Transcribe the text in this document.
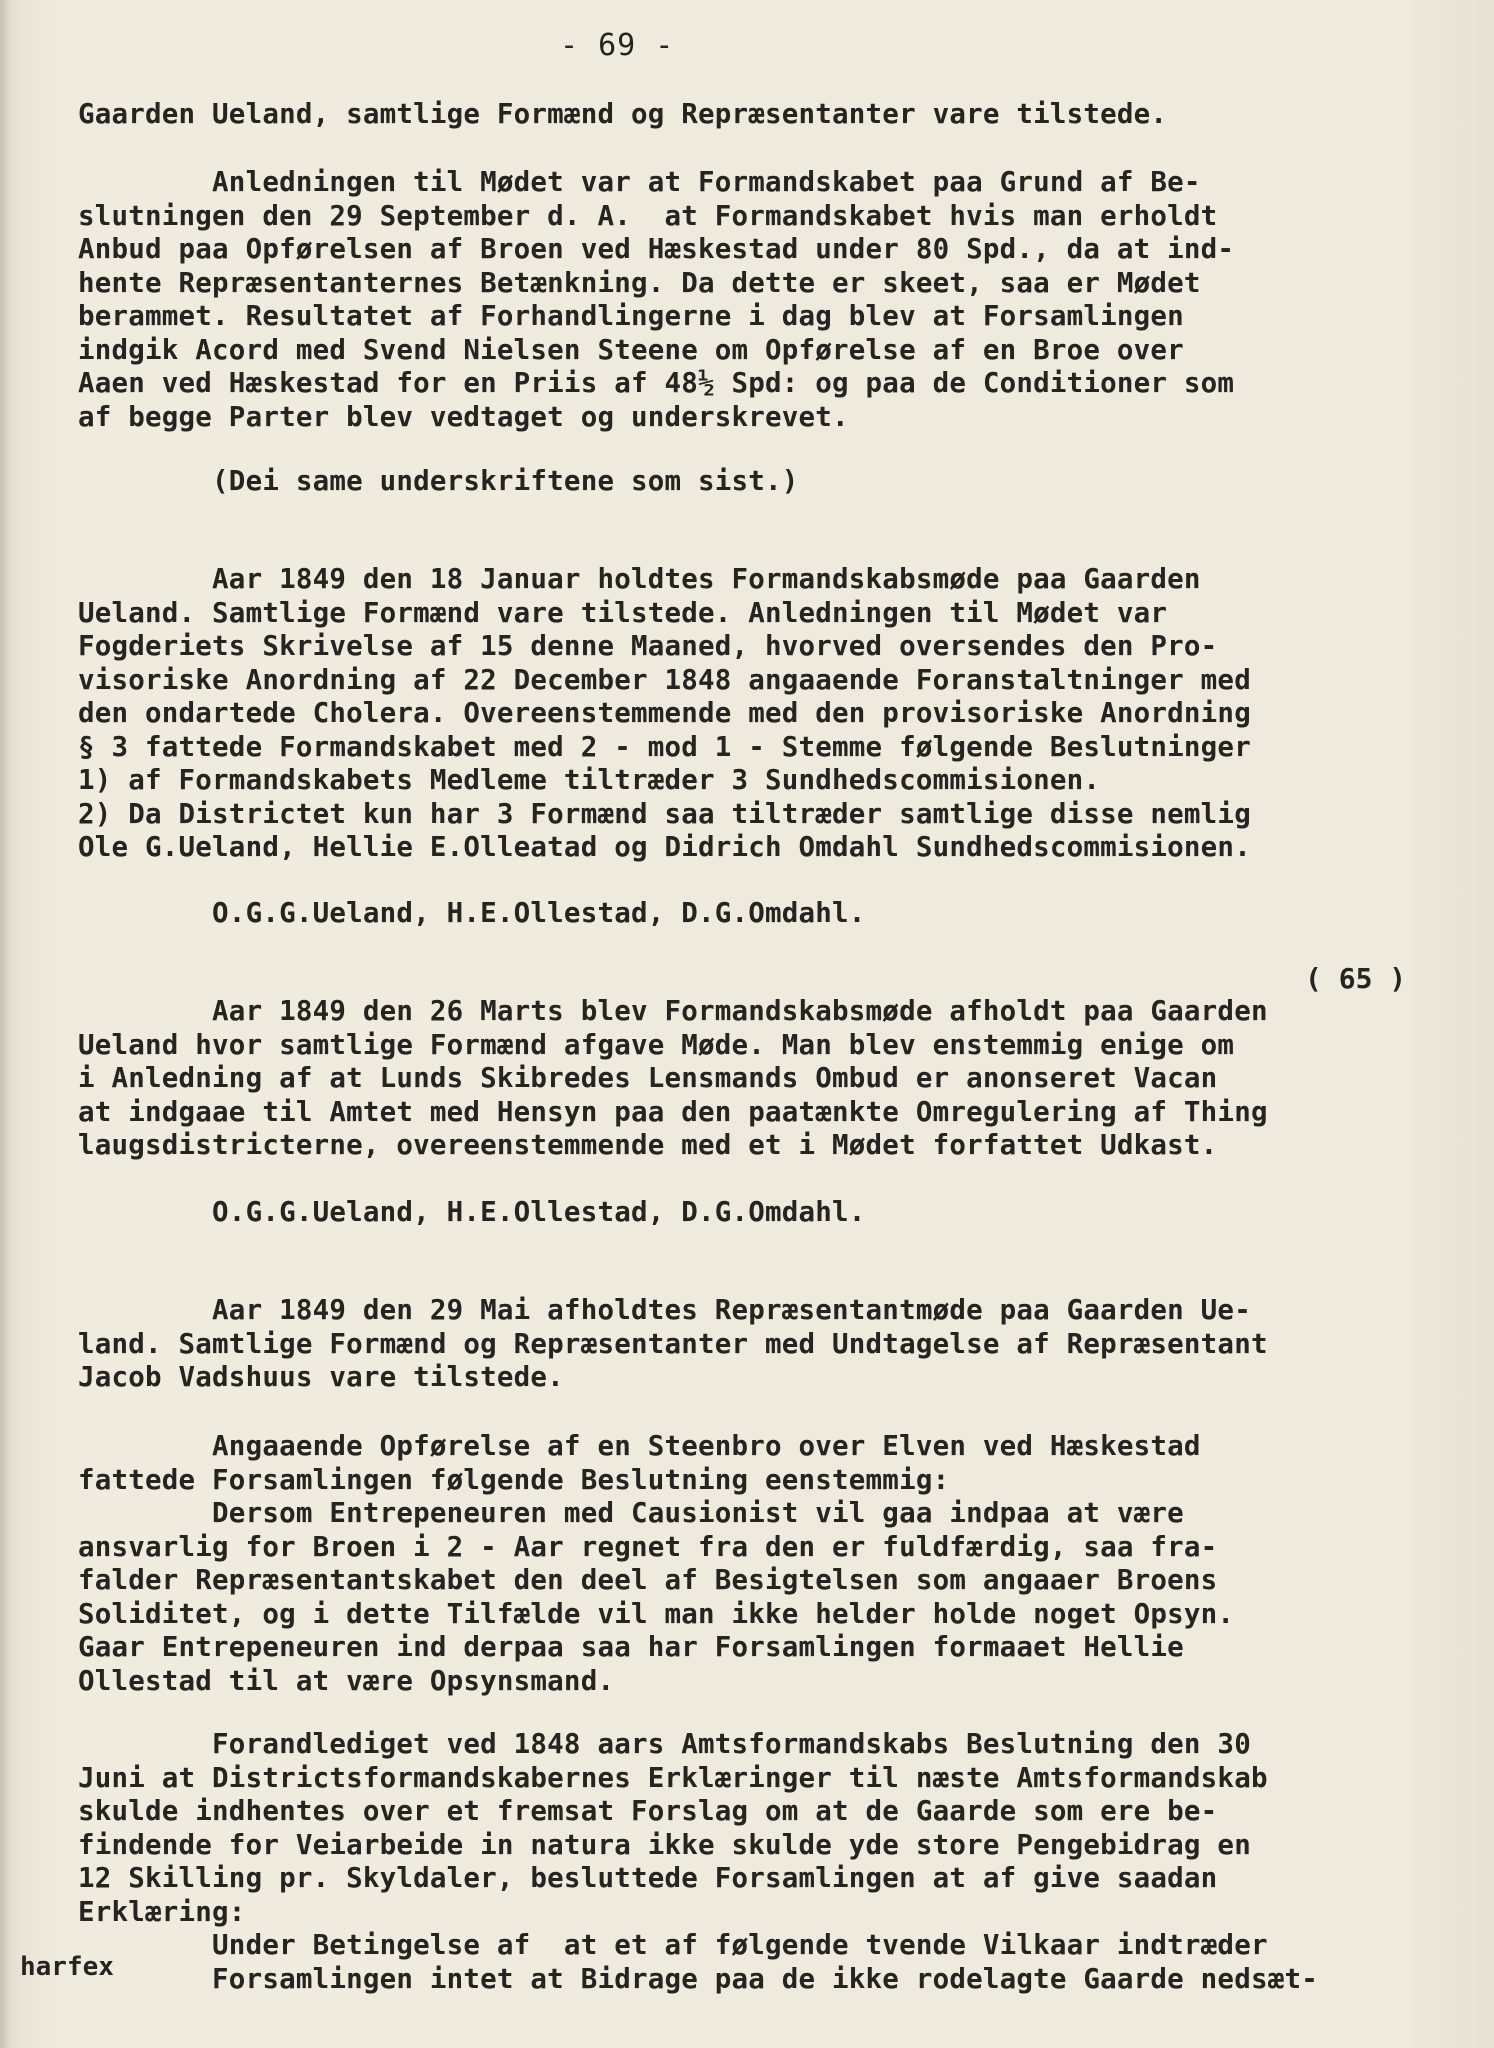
- 69 -
Gaarden Ueland, samtlige Formænd og Repræsentanter vare tilstede.
Anledningen til Mødet var at Formandskabet paa Grund af Be-
slutningen den 29 September d. A.  at Formandskabet hvis man erholdt
Anbud paa Opførelsen af Broen ved Hæskestad under 80 Spd., da at ind-
hente Repræsentanternes Betænkning. Da dette er skeet, saa er Mødet
berammet. Resultatet af Forhandlingerne i dag blev at Forsamlingen
indgik Acord med Svend Nielsen Steene om Opførelse af en Broe over
Aaen ved Hæskestad for en Priis af 48½ Spd: og paa de Conditioner som
af begge Parter blev vedtaget og underskrevet.
(Dei same underskriftene som sist.)
Aar 1849 den 18 Januar holdtes Formandskabsmøde paa Gaarden
Ueland. Samtlige Formænd vare tilstede. Anledningen til Mødet var
Fogderiets Skrivelse af 15 denne Maaned, hvorved oversendes den Pro-
visoriske Anordning af 22 December 1848 angaaende Foranstaltninger med
den ondartede Cholera. Overeenstemmende med den provisoriske Anordning
§ 3 fattede Formandskabet med 2 - mod 1 - Stemme følgende Beslutninger
1) af Formandskabets Medleme tiltræder 3 Sundhedscommisionen.
2) Da Districtet kun har 3 Formænd saa tiltræder samtlige disse nemlig
Ole G.Ueland, Hellie E.Olleatad og Didrich Omdahl Sundhedscommisionen.
O.G.G.Ueland, H.E.Ollestad, D.G.Omdahl.
Aar 1849 den 26 Marts blev Formandskabsmøde afholdt paa Gaarden
Ueland hvor samtlige Formænd afgave Møde. Man blev enstemmig enige om
i Anledning af at Lunds Skibredes Lensmands Ombud er anonseret Vacan
at indgaae til Amtet med Hensyn paa den paatænkte Omregulering af Thing
laugsdistricterne, overeenstemmende med et i Mødet forfattet Udkast.
O.G.G.Ueland, H.E.Ollestad, D.G.Omdahl.
Aar 1849 den 29 Mai afholdtes Repræsentantmøde paa Gaarden Ue-
land. Samtlige Formænd og Repræsentanter med Undtagelse af Repræsentant
Jacob Vadshuus vare tilstede.
Angaaende Opførelse af en Steenbro over Elven ved Hæskestad
fattede Forsamlingen følgende Beslutning eenstemmig:
Dersom Entrepeneuren med Causionist vil gaa indpaa at være
ansvarlig for Broen i 2 - Aar regnet fra den er fuldfærdig, saa fra-
falder Repræsentantskabet den deel af Besigtelsen som angaaer Broens
Soliditet, og i dette Tilfælde vil man ikke helder holde noget Opsyn.
Gaar Entrepeneuren ind derpaa saa har Forsamlingen formaaet Hellie
Ollestad til at være Opsynsmand.
Forandlediget ved 1848 aars Amtsformandskabs Beslutning den 30
Juni at Districtsformandskabernes Erklæringer til næste Amtsformandskab
skulde indhentes over et fremsat Forslag om at de Gaarde som ere be-
findende for Veiarbeide in natura ikke skulde yde store Pengebidrag en
12 Skilling pr. Skyldaler, besluttede Forsamlingen at af give saadan
Erklæring:
Under Betingelse af  at et af følgende tvende Vilkaar indtræder
Forsamlingen intet at Bidrage paa de ikke rodelagte Gaarde nedsæt-
( 65 )
harfex
